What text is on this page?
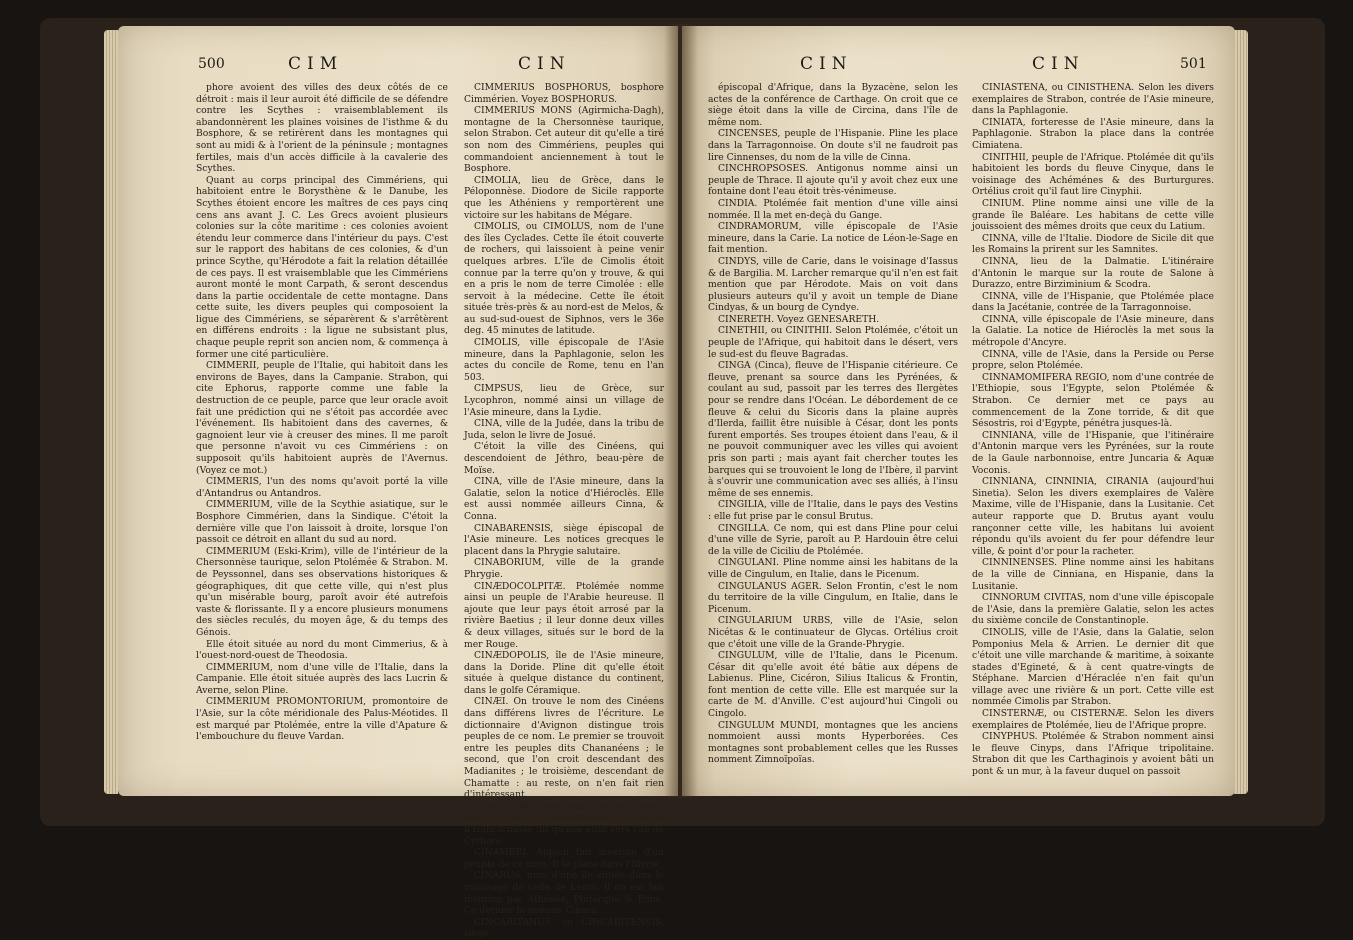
500	CIM	CIN

phore avoient des villes des deux côtés de ce détroit : mais il leur auroit été difficile de se défendre contre les Scythes : vraisemblablement ils abandonnèrent les plaines voisines de l'isthme & du Bosphore, & se retirèrent dans les montagnes qui sont au midi & à l'orient de la péninsule ; montagnes fertiles, mais d'un accès difficile à la cavalerie des Scythes.

Quant au corps principal des Cimmériens, qui habitoient entre le Borysthène & le Danube, les Scythes étoient encore les maîtres de ces pays cinq cens ans avant J. C. Les Grecs avoient plusieurs colonies sur la côte maritime : ces colonies avoient étendu leur commerce dans l'intérieur du pays. C'est sur le rapport des habitans de ces colonies, & d'un prince Scythe, qu'Hérodote a fait la relation détaillée de ces pays. Il est vraisemblable que les Cimmériens auront monté le mont Carpath, & seront descendus dans la partie occidentale de cette montagne. Dans cette suite, les divers peuples qui composoient la ligue des Cimmériens, se séparèrent & s'arrêtèrent en différens endroits : la ligue ne subsistant plus, chaque peuple reprit son ancien nom, & commença à former une cité particulière.

CIMMERII, peuple de l'Italie, qui habitoit dans les environs de Bayes, dans la Campanie. Strabon, qui cite Ephorus, rapporte comme une fable la destruction de ce peuple, parce que leur oracle avoit fait une prédiction qui ne s'étoit pas accordée avec l'événement. Ils habitoient dans des cavernes, & gagnoient leur vie à creuser des mines. Il me paroît que personne n'avoit vu ces Cimmériens : on supposoit qu'ils habitoient auprès de l'Avernus. (Voyez ce mot.)

CIMMERIS, l'un des noms qu'avoit porté la ville d'Antandrus ou Antandros.

CIMMERIUM, ville de la Scythie asiatique, sur le Bosphore Cimmérien, dans la Sindique. C'étoit la dernière ville que l'on laissoit à droite, lorsque l'on passoit ce détroit en allant du sud au nord.

CIMMERIUM (Eski-Krim), ville de l'intérieur de la Chersonnèse taurique, selon Ptolémée & Strabon. M. de Peyssonnel, dans ses observations historiques & géographiques, dit que cette ville, qui n'est plus qu'un misérable bourg, paroît avoir été autrefois vaste & florissante. Il y a encore plusieurs monumens des siècles reculés, du moyen âge, & du temps des Génois.

Elle étoit située au nord du mont Cimmerius, & à l'ouest-nord-ouest de Theodosia.

CIMMERIUM, nom d'une ville de l'Italie, dans la Campanie. Elle étoit située auprès des lacs Lucrin & Averne, selon Pline.

CIMMERIUM PROMONTORIUM, promontoire de l'Asie, sur la côte méridionale des Palus-Méotides. Il est marqué par Ptolémée, entre la ville d'Apature & l'embouchure du fleuve Vardan.

CIMMERIUS BOSPHORUS, bosphore Cimmérien. Voyez BOSPHORUS.

CIMMERIUS MONS (Agirmicha-Dagh), montagne de la Chersonnèse taurique, selon Strabon. Cet auteur dit qu'elle a tiré son nom des Cimmériens, peuples qui commandoient anciennement à tout le Bosphore.

CIMOLIA, lieu de Grèce, dans le Péloponnèse. Diodore de Sicile rapporte que les Athéniens y remportèrent une victoire sur les habitans de Mégare.

CIMOLIS, ou CIMOLUS, nom de l'une des îles Cyclades. Cette île étoit couverte de rochers, qui laissoient à peine venir quelques arbres. L'île de Cimolis étoit connue par la terre qu'on y trouve, & qui en a pris le nom de terre Cimolée : elle servoit à la médecine. Cette île étoit située très-près & au nord-est de Melos, & au sud-sud-ouest de Siphnos, vers le 36e deg. 45 minutes de latitude.

CIMOLIS, ville épiscopale de l'Asie mineure, dans la Paphlagonie, selon les actes du concile de Rome, tenu en l'an 503.

CIMPSUS, lieu de Grèce, sur Lycophron, nommé ainsi un village de l'Asie mineure, dans la Lydie.

CINA, ville de la Judée, dans la tribu de Juda, selon le livre de Josué.

C'étoit la ville des Cinéens, qui descendoient de Jéthro, beau-père de Moïse.

CINA, ville de l'Asie mineure, dans la Galatie, selon la notice d'Hiéroclès. Elle est aussi nommée ailleurs Cinna, & Conna.

CINABARENSIS, siège épiscopal de l'Asie mineure. Les notices grecques le placent dans la Phrygie salutaire.

CINABORIUM, ville de la grande Phrygie.

CINÆDOCOLPITÆ. Ptolémée nomme ainsi un peuple de l'Arabie heureuse. Il ajoute que leur pays étoit arrosé par la rivière Baetius ; il leur donne deux villes & deux villages, situés sur le bord de la mer Rouge.

CINÆDOPOLIS, île de l'Asie mineure, dans la Doride. Pline dit qu'elle étoit située à quelque distance du continent, dans le golfe Céramique.

CINÆI. On trouve le nom des Cinéens dans différens livres de l'écriture. Le dictionnaire d'Avignon distingue trois peuples de ce nom. Le premier se trouvoit entre les peuples dits Chananéens ; le second, que l'on croit descendant des Madianites ; le troisième, descendant de Chamatte : au reste, on n'en fait rien d'intéressant.

CINÆTIUM, montagne de la Grèce, dans le Péloponnèse. Denys d'Halicarnasse dit qu'elle étoit vers l'île de Cythère.

CINAMBRI. Appien fait mention d'un peuple de ce nom. Il le place dans l'Illyrie.

CINARUS, nom d'une île située dans le voisinage de celle de Léros. Il en est fait mention par Athénée, Plutarque & Pline. Ce dernier la nomme Cinara.

CINCARITANUS, ou CINCARITENSIS, siège

CIN	CIN	501

épiscopal d'Afrique, dans la Byzacène, selon les actes de la conférence de Carthage. On croit que ce siège étoit dans la ville de Circina, dans l'île de même nom.

CINCENSES, peuple de l'Hispanie. Pline les place dans la Tarragonnoise. On doute s'il ne faudroit pas lire Cinnenses, du nom de la ville de Cinna.

CINCHROPSOSES. Antigonus nomme ainsi un peuple de Thrace. Il ajoute qu'il y avoit chez eux une fontaine dont l'eau étoit très-vénimeuse.

CINDIA. Ptolémée fait mention d'une ville ainsi nommée. Il la met en-deçà du Gange.

CINDRAMORUM, ville épiscopale de l'Asie mineure, dans la Carie. La notice de Léon-le-Sage en fait mention.

CINDYS, ville de Carie, dans le voisinage d'Iassus & de Bargilia. M. Larcher remarque qu'il n'en est fait mention que par Hérodote. Mais on voit dans plusieurs auteurs qu'il y avoit un temple de Diane Cindyas, & un bourg de Cyndye.

CINERETH. Voyez GENESARETH.

CINETHII, ou CINITHII. Selon Ptolémée, c'étoit un peuple de l'Afrique, qui habitoit dans le désert, vers le sud-est du fleuve Bagradas.

CINGA (Cinca), fleuve de l'Hispanie citérieure. Ce fleuve, prenant sa source dans les Pyrénées, & coulant au sud, passoit par les terres des Ilergètes pour se rendre dans l'Océan. Le débordement de ce fleuve & celui du Sicoris dans la plaine auprès d'Ilerda, faillit être nuisible à César, dont les ponts furent emportés. Ses troupes étoient dans l'eau, & il ne pouvoit communiquer avec les villes qui avoient pris son parti ; mais ayant fait chercher toutes les barques qui se trouvoient le long de l'Ibère, il parvint à s'ouvrir une communication avec ses alliés, à l'insu même de ses ennemis.

CINGILIA, ville de l'Italie, dans le pays des Vestins : elle fut prise par le consul Brutus.

CINGILLA. Ce nom, qui est dans Pline pour celui d'une ville de Syrie, paroît au P. Hardouin être celui de la ville de Ciciliu de Ptolémée.

CINGULANI. Pline nomme ainsi les habitans de la ville de Cingulum, en Italie, dans le Picenum.

CINGULANUS AGER. Selon Frontin, c'est le nom du territoire de la ville Cingulum, en Italie, dans le Picenum.

CINGULARIUM URBS, ville de l'Asie, selon Nicétas & le continuateur de Glycas. Ortélius croit que c'étoit une ville de la Grande-Phrygie.

CINGULUM, ville de l'Italie, dans le Picenum. César dit qu'elle avoit été bâtie aux dépens de Labienus. Pline, Cicéron, Silius Italicus & Frontin, font mention de cette ville. Elle est marquée sur la carte de M. d'Anville. C'est aujourd'hui Cingoli ou Cingolo.

CINGULUM MUNDI, montagnes que les anciens nommoient aussi monts Hyperborées. Ces montagnes sont probablement celles que les Russes nomment Zimnoïpoïas.

CINIASTENA, ou CINISTHENA. Selon les divers exemplaires de Strabon, contrée de l'Asie mineure, dans la Paphlagonie.

CINIATA, forteresse de l'Asie mineure, dans la Paphlagonie. Strabon la place dans la contrée Cimiatena.

CINITHII, peuple de l'Afrique. Ptolémée dit qu'ils habitoient les bords du fleuve Cinyque, dans le voisinage des Achéménes & des Burturgures. Ortélius croit qu'il faut lire Cinyphii.

CINIUM. Pline nomme ainsi une ville de la grande île Baléare. Les habitans de cette ville jouissoient des mêmes droits que ceux du Latium.

CINNA, ville de l'Italie. Diodore de Sicile dit que les Romains la prirent sur les Samnites.

CINNA, lieu de la Dalmatie. L'itinéraire d'Antonin le marque sur la route de Salone à Durazzo, entre Birziminium & Scodra.

CINNA, ville de l'Hispanie, que Ptolémée place dans la Jacétanie, contrée de la Tarragonnoise.

CINNA, ville épiscopale de l'Asie mineure, dans la Galatie. La notice de Hiéroclès la met sous la métropole d'Ancyre.

CINNA, ville de l'Asie, dans la Perside ou Perse propre, selon Ptolémée.

CINNAMOMIFERA REGIO, nom d'une contrée de l'Ethiopie, sous l'Egypte, selon Ptolémée & Strabon. Ce dernier met ce pays au commencement de la Zone torride, & dit que Sésostris, roi d'Egypte, pénétra jusques-là.

CINNIANA, ville de l'Hispanie, que l'itinéraire d'Antonin marque vers les Pyrénées, sur la route de la Gaule narbonnoise, entre Juncaria & Aquæ Voconis.

CINNIANA, CINNINIA, CIRANIA (aujourd'hui Sinetia). Selon les divers exemplaires de Valère Maxime, ville de l'Hispanie, dans la Lusitanie. Cet auteur rapporte que D. Brutus ayant voulu rançonner cette ville, les habitans lui avoient répondu qu'ils avoient du fer pour défendre leur ville, & point d'or pour la racheter.

CINNINENSES. Pline nomme ainsi les habitans de la ville de Cinniana, en Hispanie, dans la Lusitanie.

CINNORUM CIVITAS, nom d'une ville épiscopale de l'Asie, dans la première Galatie, selon les actes du sixième concile de Constantinople.

CINOLIS, ville de l'Asie, dans la Galatie, selon Pomponius Mela & Arrien. Le dernier dit que c'étoit une ville marchande & maritime, à soixante stades d'Egineté, & à cent quatre-vingts de Stéphane. Marcien d'Héraclée n'en fait qu'un village avec une rivière & un port. Cette ville est nommée Cimolis par Strabon.

CINSTERNÆ, ou CISTERNÆ. Selon les divers exemplaires de Ptolémée, lieu de l'Afrique propre.

CINYPHUS. Ptolémée & Strabon nomment ainsi le fleuve Cinyps, dans l'Afrique tripolitaine. Strabon dit que les Carthaginois y avoient bâti un pont & un mur, à la faveur duquel on passoit
